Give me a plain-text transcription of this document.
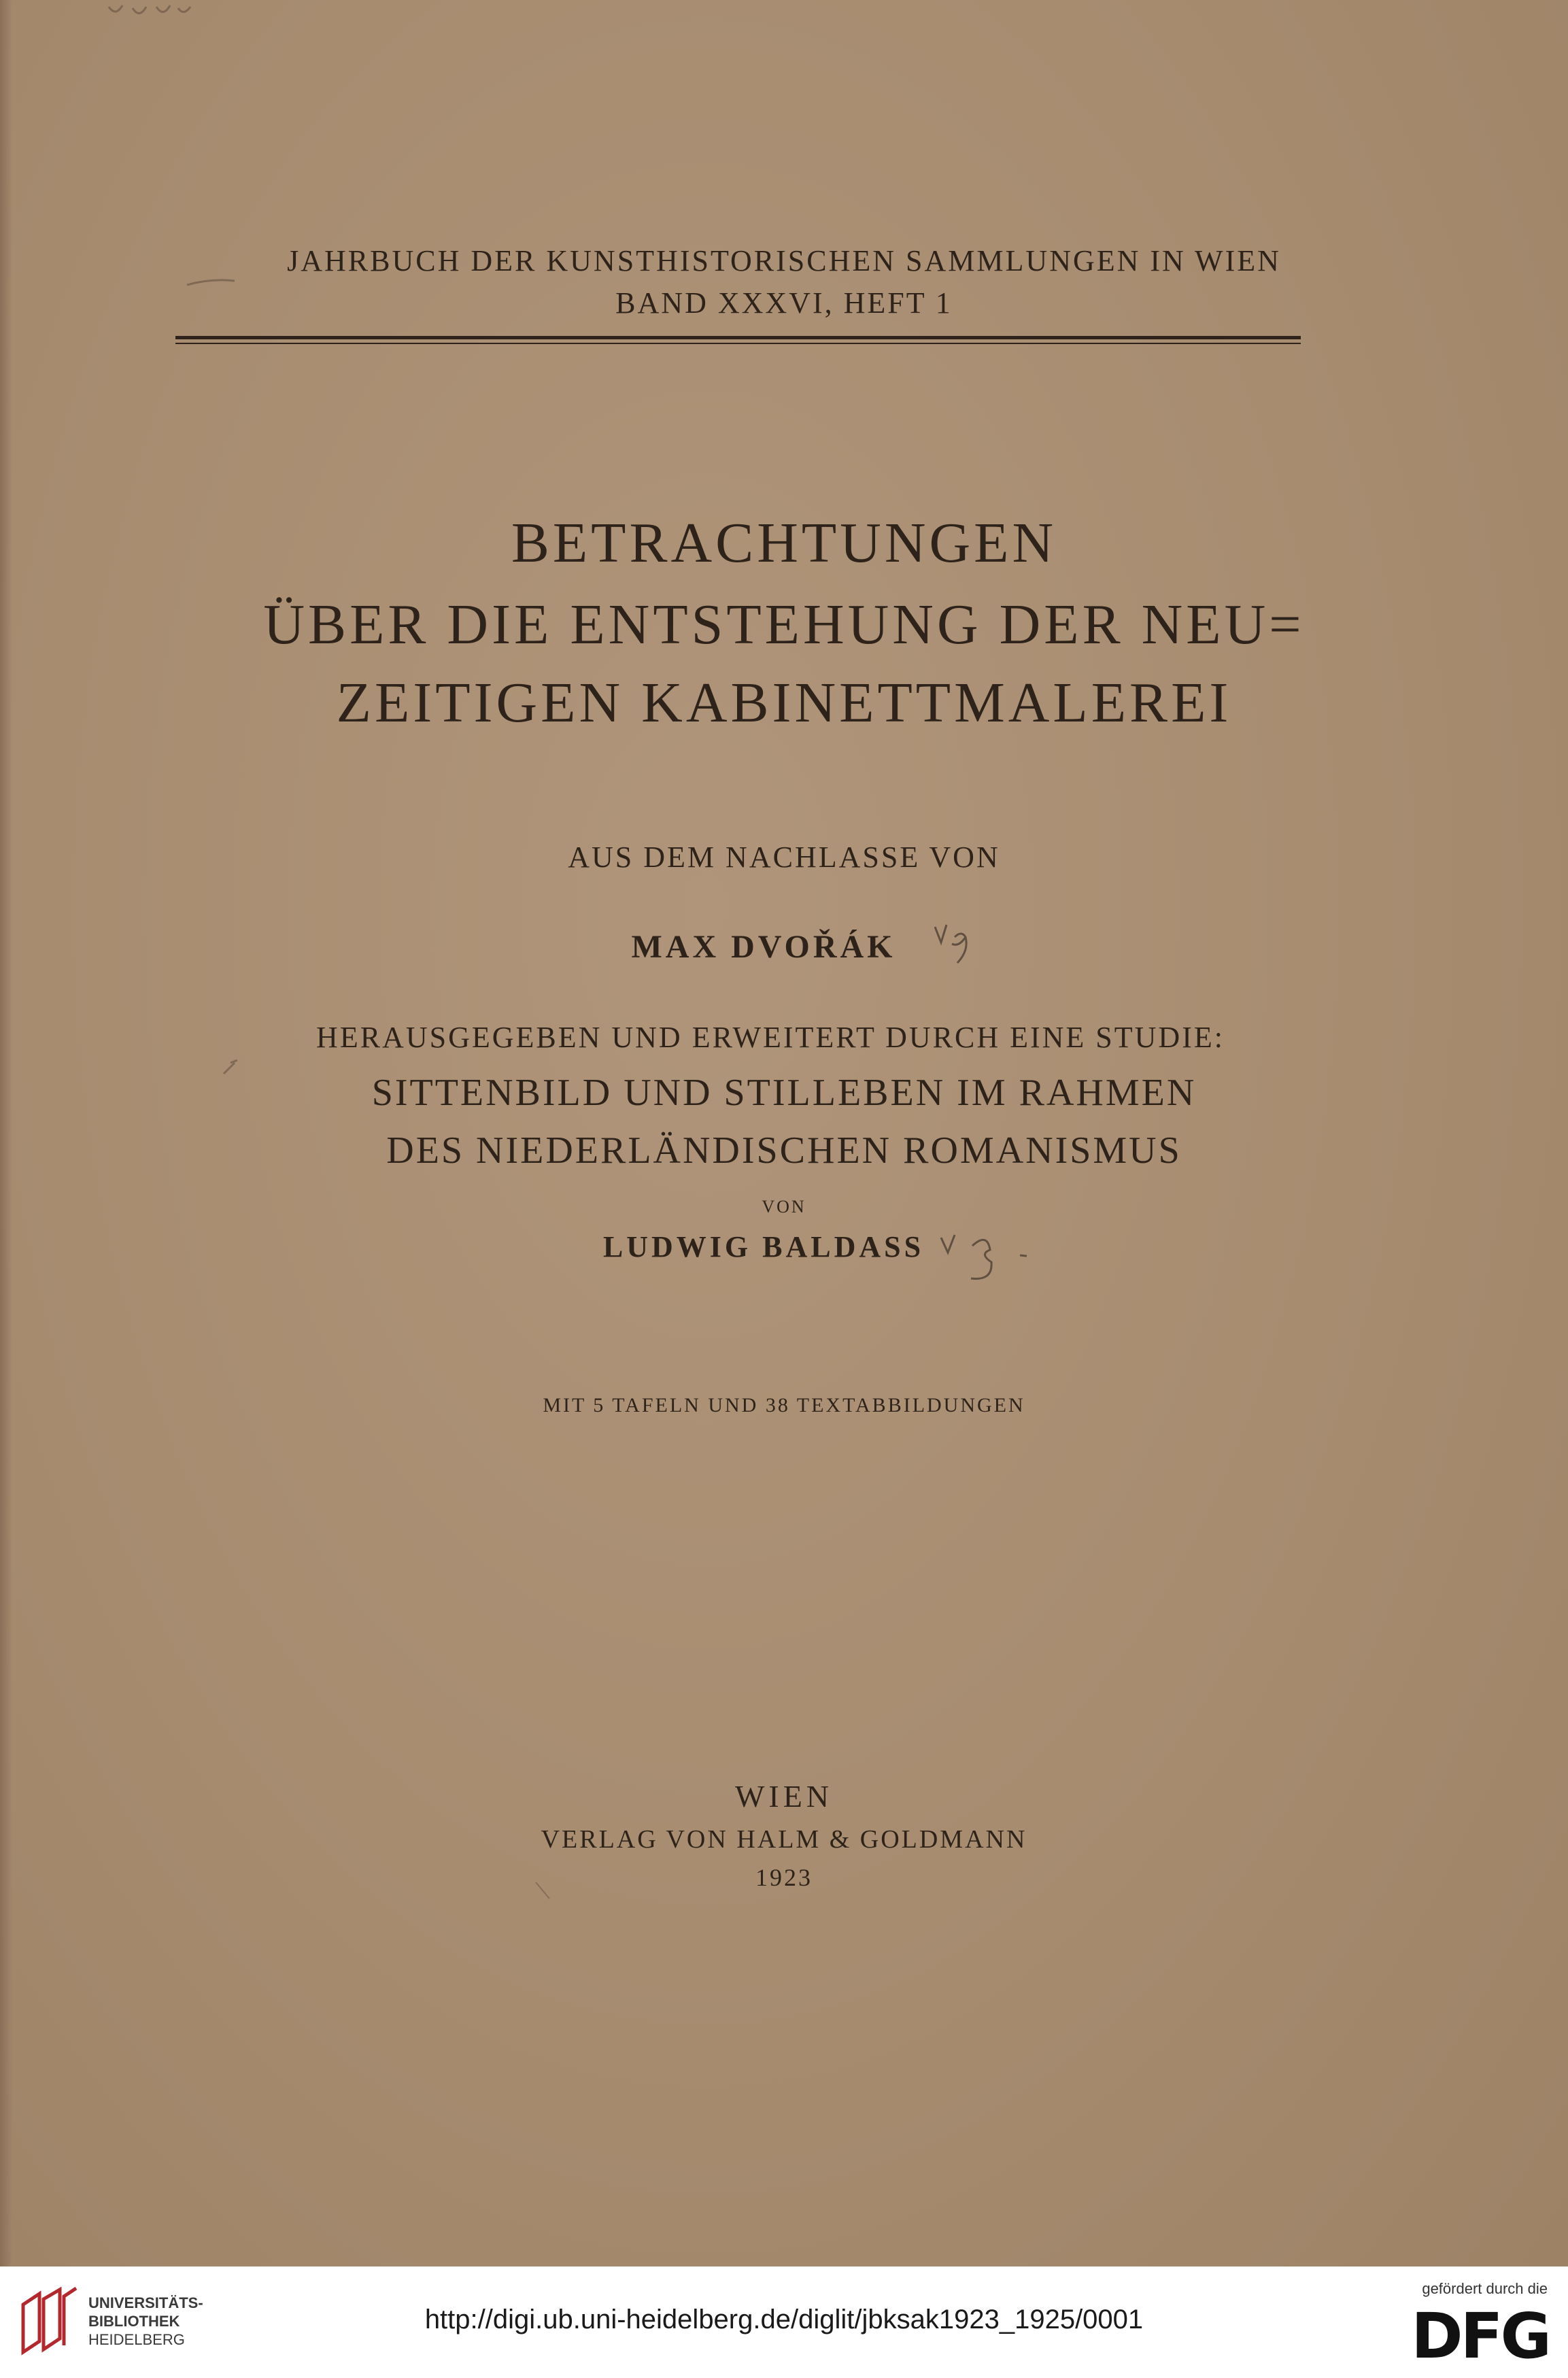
JAHRBUCH DER KUNSTHISTORISCHEN SAMMLUNGEN IN WIEN
BAND XXXVI, HEFT 1
BETRACHTUNGEN
ÜBER DIE ENTSTEHUNG DER NEU=
ZEITIGEN KABINETTMALEREI
AUS DEM NACHLASSE VON
MAX DVOŘÁK
HERAUSGEGEBEN UND ERWEITERT DURCH EINE STUDIE:
SITTENBILD UND STILLEBEN IM RAHMEN
DES NIEDERLÄNDISCHEN ROMANISMUS
VON
LUDWIG BALDASS
MIT 5 TAFELN UND 38 TEXTABBILDUNGEN
WIEN
VERLAG VON HALM & GOLDMANN
1923
UNIVERSITÄTS-
BIBLIOTHEK
HEIDELBERG
http://digi.ub.uni-heidelberg.de/diglit/jbksak1923_1925/0001
gefördert durch die
DFG
